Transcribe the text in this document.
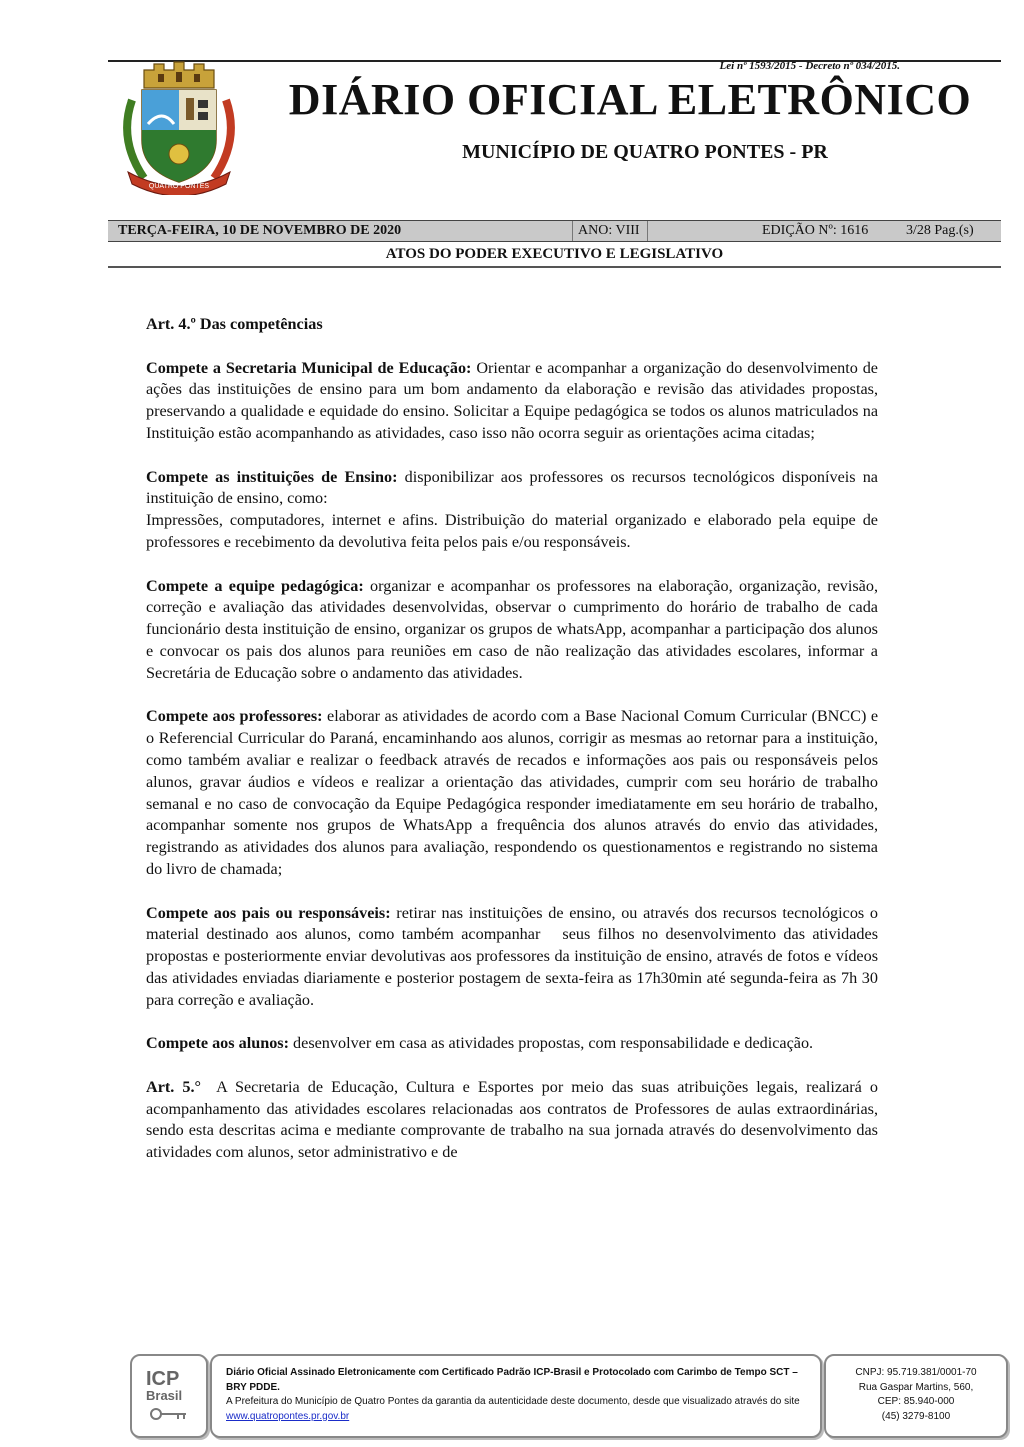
Lei nº 1593/2015 - Decreto nº 034/2015.
QUATRO PONTES
DIÁRIO OFICIAL ELETRÔNICO
MUNICÍPIO DE QUATRO PONTES - PR
TERÇA-FEIRA, 10 DE NOVEMBRO DE 2020	ANO: VIII	EDIÇÃO Nº: 1616	3/28 Pag.(s)
ATOS DO PODER EXECUTIVO E LEGISLATIVO

Art. 4.º Das competências

Compete a Secretaria Municipal de Educação: Orientar e acompanhar a organização do desenvolvimento de ações das instituições de ensino para um bom andamento da elaboração e revisão das atividades propostas, preservando a qualidade e equidade do ensino. Solicitar a Equipe pedagógica se todos os alunos matriculados na Instituição estão acompanhando as atividades, caso isso não ocorra seguir as orientações acima citadas;

Compete as instituições de Ensino: disponibilizar aos professores os recursos tecnológicos disponíveis na instituição de ensino, como:

Impressões, computadores, internet e afins. Distribuição do material organizado e elaborado pela equipe de professores e recebimento da devolutiva feita pelos pais e/ou responsáveis.

Compete a equipe pedagógica: organizar e acompanhar os professores na elaboração, organização, revisão, correção e avaliação das atividades desenvolvidas, observar o cumprimento do horário de trabalho de cada funcionário desta instituição de ensino, organizar os grupos de whatsApp, acompanhar a participação dos alunos e convocar os pais dos alunos para reuniões em caso de não realização das atividades escolares, informar a Secretária de Educação sobre o andamento das atividades.

Compete aos professores: elaborar as atividades de acordo com a Base Nacional Comum Curricular (BNCC) e o Referencial Curricular do Paraná, encaminhando aos alunos, corrigir as mesmas ao retornar para a instituição, como também avaliar e realizar o feedback através de recados e informações aos pais ou responsáveis pelos alunos, gravar áudios e vídeos e realizar a orientação das atividades, cumprir com seu horário de trabalho semanal e no caso de convocação da Equipe Pedagógica responder imediatamente em seu horário de trabalho, acompanhar somente nos grupos de WhatsApp a frequência dos alunos através do envio das atividades, registrando as atividades dos alunos para avaliação, respondendo os questionamentos e registrando no sistema do livro de chamada;

Compete aos pais ou responsáveis: retirar nas instituições de ensino, ou através dos recursos tecnológicos o material destinado aos alunos, como também acompanhar   seus filhos no desenvolvimento das atividades propostas e posteriormente enviar devolutivas aos professores da instituição de ensino, através de fotos e vídeos das atividades enviadas diariamente e posterior postagem de sexta-feira as 17h30min até segunda-feira as 7h 30 para correção e avaliação.

Compete aos alunos: desenvolver em casa as atividades propostas, com responsabilidade e dedicação.

Art. 5.°  A Secretaria de Educação, Cultura e Esportes por meio das suas atribuições legais, realizará o acompanhamento das atividades escolares relacionadas aos contratos de Professores de aulas extraordinárias, sendo esta descritas acima e mediante comprovante de trabalho na sua jornada através do desenvolvimento das atividades com alunos, setor administrativo e de

ICP
Brasil
Diário Oficial Assinado Eletronicamente com Certificado Padrão ICP-Brasil e Protocolado com Carimbo de Tempo SCT – BRY PDDE.
A Prefeitura do Município de Quatro Pontes da garantia da autenticidade deste documento, desde que visualizado através do site www.quatropontes.pr.gov.br
CNPJ: 95.719.381/0001-70
Rua Gaspar Martins, 560,
CEP: 85.940-000
(45) 3279-8100
